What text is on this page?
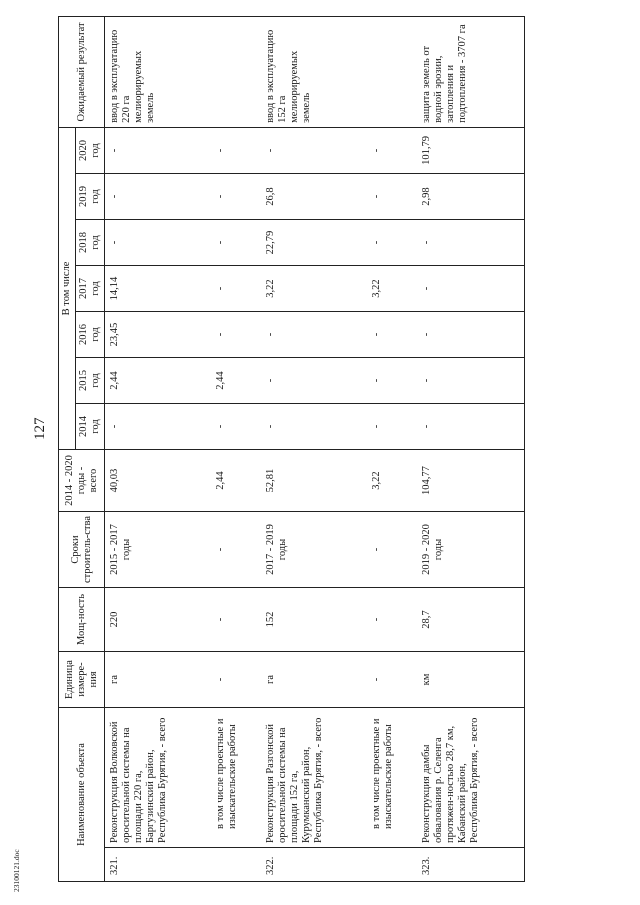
127
23100121.doc
Наименование объекта		Единица измере-ния	Мощ-ность	Сроки строитель-ства	2014 - 2020 годы - всего	В том числе							Ожидаемый результат
						2014 год	2015 год	2016 год	2017 год	2018 год	2019 год	2020 год	
321.	Реконструкция Волковской оросительной системы на площади 220 га, Баргузинский район, Республика Бурятия, - всего	га	220	2015 - 2017 годы	40,03	-	2,44	23,45	14,14	-	-	-	ввод в эксплуатацию 220 га мелиорируемых земель
	в том числе проектные и изыскательские работы	-	-	-	2,44	-	2,44	-	-	-	-	-	
322.	Реконструкция Разгонской оросительной системы на площади 152 га, Курумканский район, Республика Бурятия, - всего	га	152	2017 - 2019 годы	52,81	-	-	-	3,22	22,79	26,8	-	ввод в эксплуатацию 152 га мелиорируемых земель
	в том числе проектные и изыскательские работы	-	-	-	3,22	-	-	-	3,22	-	-	-	
323.	Реконструкция дамбы обвалования р. Селенга протяжен-ностью 28,7 км, Кабанский район, Республика Бурятия, - всего	км	28,7	2019 - 2020 годы	104,77	-	-	-	-	-	2,98	101,79	защита земель от водной эрозии, затопления и подтопления - 3707 га
